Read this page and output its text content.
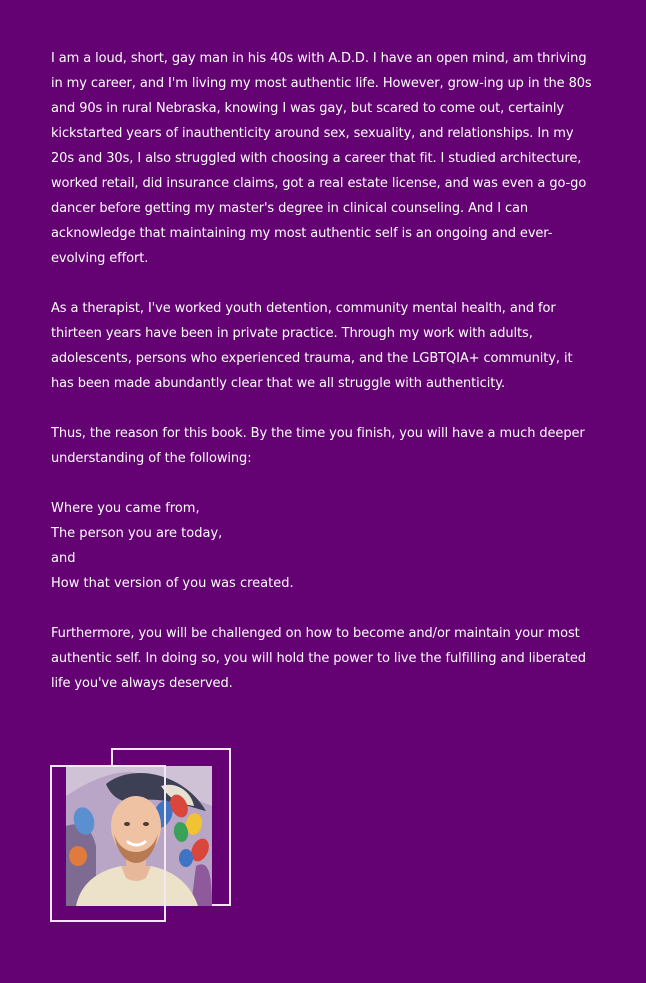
I am a loud, short, gay man in his 40s with A.D.D. I have an open mind, am thriving in my career, and I'm living my most authentic life. However, grow-ing up in the 80s and 90s in rural Nebraska, knowing I was gay, but scared to come out, certainly kickstarted years of inauthenticity around sex, sexuality, and relationships. In my 20s and 30s, I also struggled with choosing a career that fit. I studied architecture, worked retail, did insurance claims, got a real estate license, and was even a go-go dancer before getting my master's degree in clinical counseling. And I can acknowledge that maintaining my most authentic self is an ongoing and ever-evolving effort.

As a therapist, I've worked youth detention, community mental health, and for thirteen years have been in private practice. Through my work with adults, adolescents, persons who experienced trauma, and the LGBTQIA+ community, it has been made abundantly clear that we all struggle with authenticity.

Thus, the reason for this book. By the time you finish, you will have a much deeper understanding of the following:

Where you came from,
The person you are today,
and
How that version of you was created.

Furthermore, you will be challenged on how to become and/or maintain your most authentic self. In doing so, you will hold the power to live the fulfilling and liberated life you've always deserved.
